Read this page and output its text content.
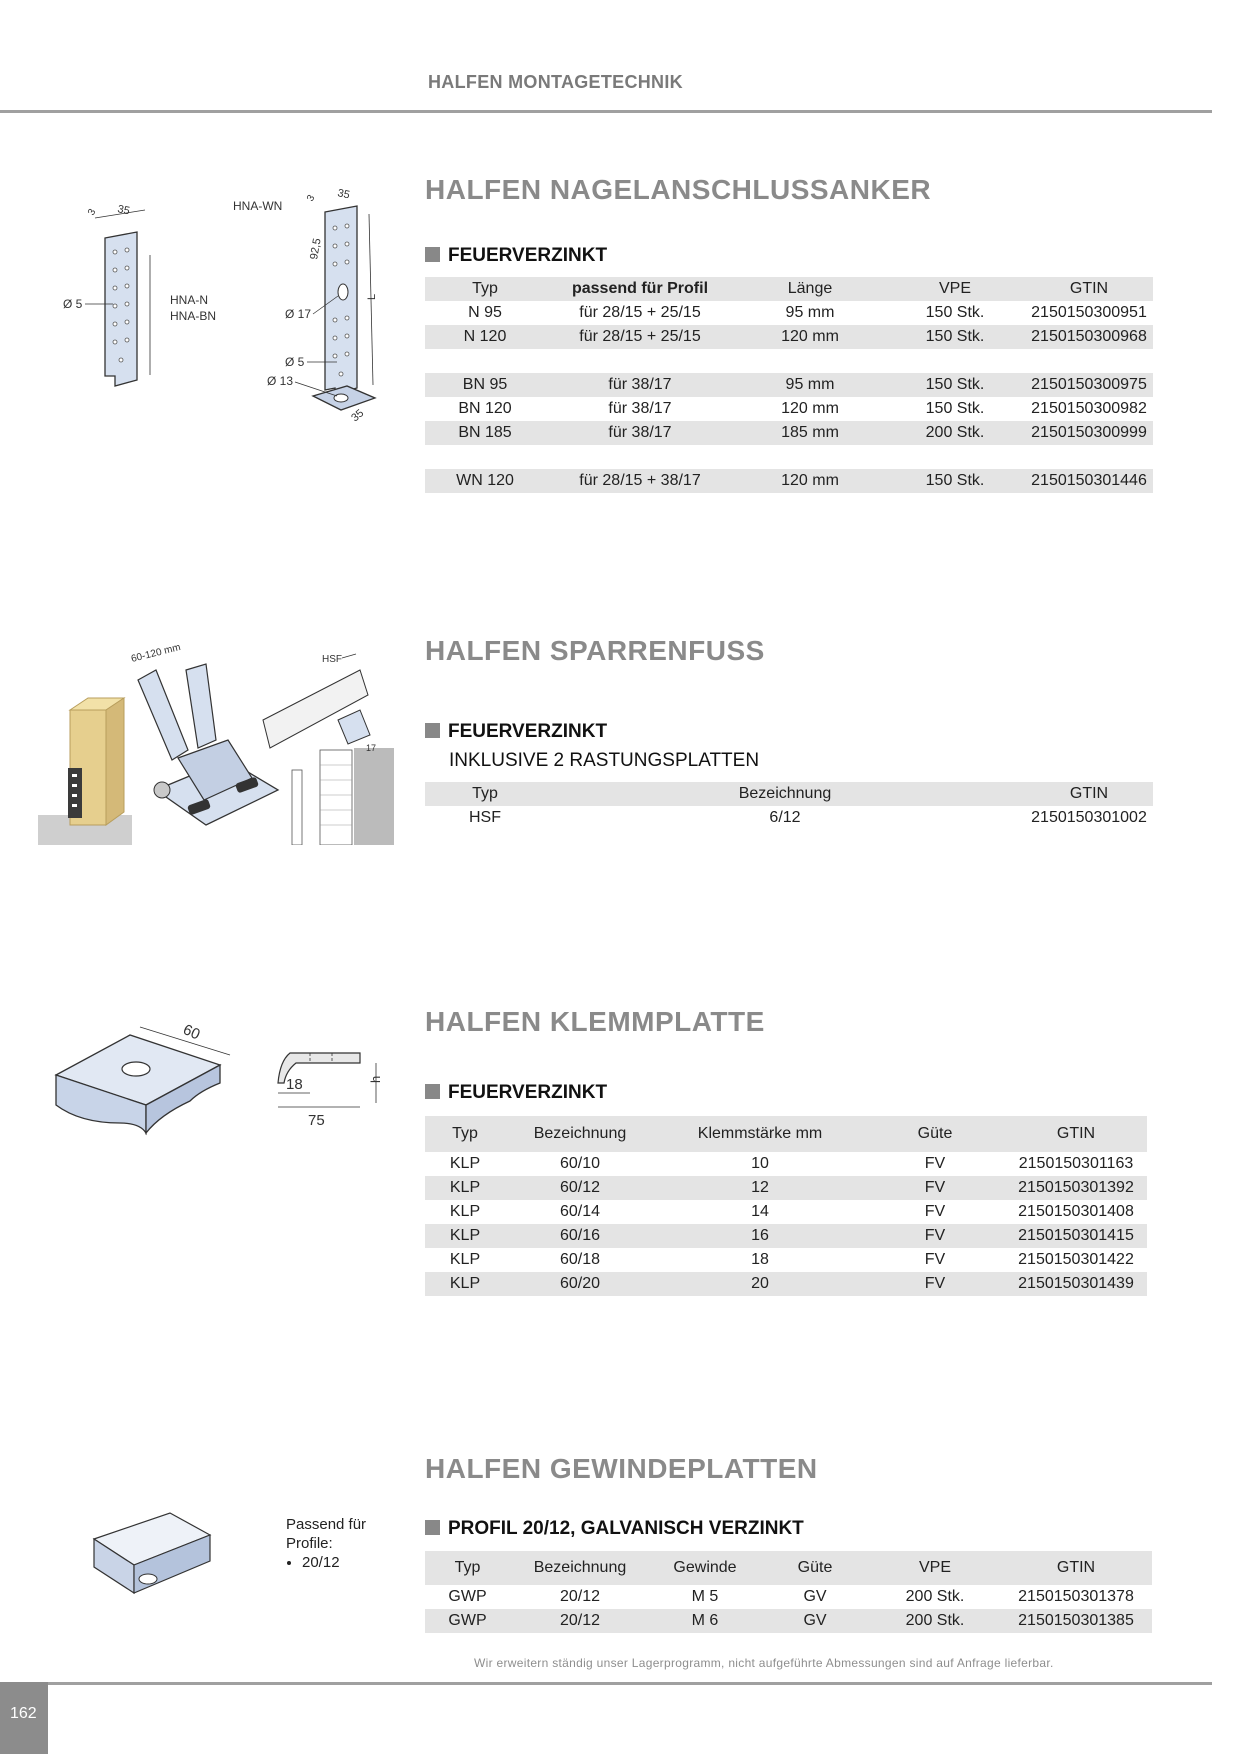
HALFEN MONTAGETECHNIK
35
3
Ø 5	HNA-N
HNA-BN
HNA-WN
35
3
92,5
L
Ø 17
Ø 5
Ø 13
35
HALFEN NAGELANSCHLUSSANKER
FEUERVERZINKT
Typ	passend für Profil	Länge	VPE	GTIN
N 95	für 28/15 + 25/15	95 mm	150 Stk.	2150150300951
N 120	für 28/15 + 25/15	120 mm	150 Stk.	2150150300968

BN 95	für 38/17	95 mm	150 Stk.	2150150300975
BN 120	für 38/17	120 mm	150 Stk.	2150150300982
BN 185	für 38/17	185 mm	200 Stk.	2150150300999

WN 120	für 28/15 + 38/17	120 mm	150 Stk.	2150150301446
60-120 mm	HSF
17
HALFEN SPARRENFUSS
FEUERVERZINKT
INKLUSIVE 2 RASTUNGSPLATTEN
Typ	Bezeichnung	GTIN
HSF	6/12	2150150301002
60
18
75
h
HALFEN KLEMMPLATTE
FEUERVERZINKT
Typ	Bezeichnung	Klemmstärke mm	Güte	GTIN
KLP	60/10	10	FV	2150150301163
KLP	60/12	12	FV	2150150301392
KLP	60/14	14	FV	2150150301408
KLP	60/16	16	FV	2150150301415
KLP	60/18	18	FV	2150150301422
KLP	60/20	20	FV	2150150301439
Passend für Profile:
• 20/12
HALFEN GEWINDEPLATTEN
PROFIL 20/12, GALVANISCH VERZINKT
Typ	Bezeichnung	Gewinde	Güte	VPE	GTIN
GWP	20/12	M 5	GV	200 Stk.	2150150301378
GWP	20/12	M 6	GV	200 Stk.	2150150301385
Wir erweitern ständig unser Lagerprogramm, nicht aufgeführte Abmessungen sind auf Anfrage lieferbar.
162
